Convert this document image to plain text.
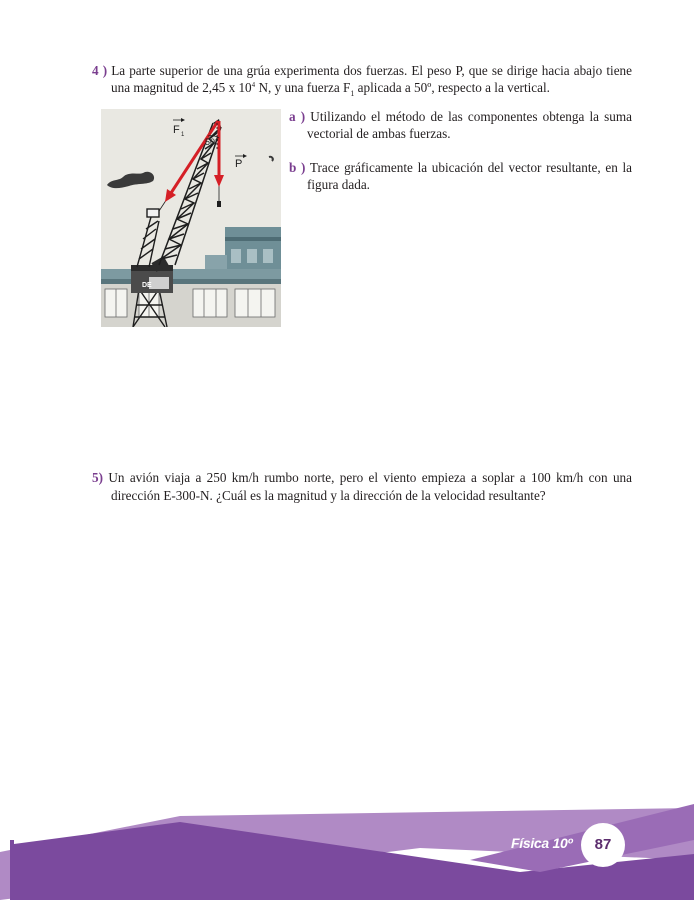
4 ) La parte superior de una grúa experimenta dos fuerzas. El peso P, que se dirige hacia abajo tiene
una magnitud de 2,45 x $10^4$ N, y una fuerza $F_1$ aplicada a 50º, respecto a la vertical.
a ) Utilizando el método de las componentes obtenga la suma
vectorial de ambas fuerzas.
b ) Trace gráficamente la ubicación del vector resultante, en la
figura dada.
DE
50°
F 1
P
5) Un avión viaja a 250 km/h rumbo norte, pero el viento empieza a soplar a 100 km/h con una
dirección E-300-N. ¿Cuál es la magnitud y la dirección de la velocidad resultante?
Física 10º	87
